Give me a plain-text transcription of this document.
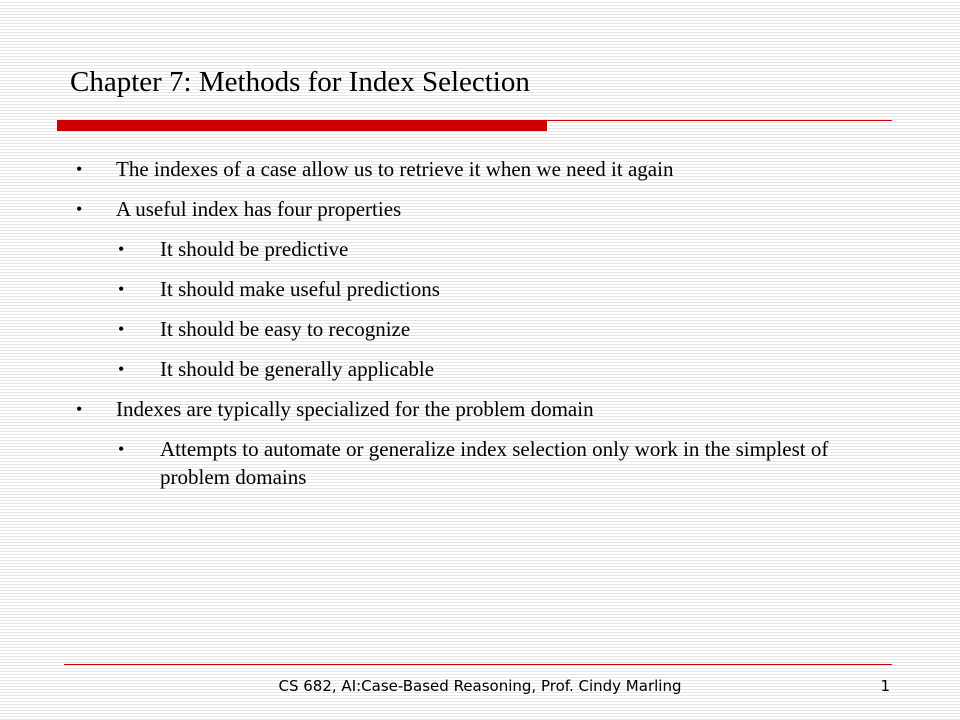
Chapter 7: Methods for Index Selection
• The indexes of a case allow us to retrieve it when we need it again
• A useful index has four properties
• It should be predictive
• It should make useful predictions
• It should be easy to recognize
• It should be generally applicable
• Indexes are typically specialized for the problem domain
• Attempts to automate or generalize index selection only work in the simplest of problem domains
CS 682, AI:Case-Based Reasoning, Prof. Cindy Marling	1
